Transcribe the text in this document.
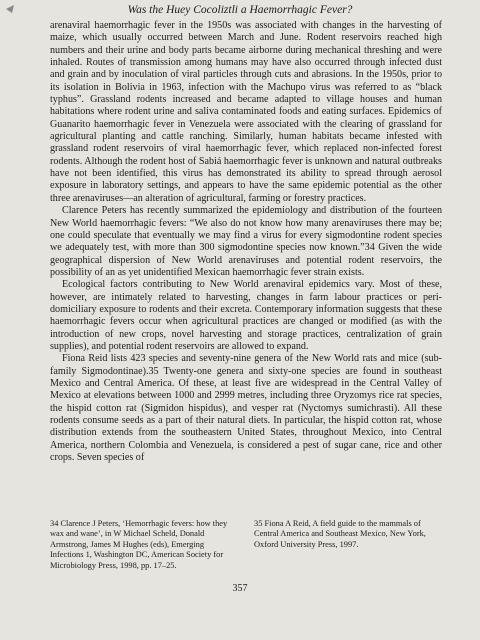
Was the Huey Cocoliztli a Haemorrhagic Fever?

arenaviral haemorrhagic fever in the 1950s was associated with changes in the harvesting of maize, which usually occurred between March and June. Rodent reservoirs reached high numbers and their urine and body parts became airborne during mechanical threshing and were inhaled. Routes of transmission among humans may have also occurred through infected dust and grain and by inoculation of viral particles through cuts and abrasions. In the 1950s, prior to its isolation in Bolivia in 1963, infection with the Machupo virus was referred to as “black typhus”. Grassland rodents increased and became adapted to village houses and human habitations where rodent urine and saliva contaminated foods and eating surfaces. Epidemics of Guanarito haemorrhagic fever in Venezuela were associated with the clearing of grassland for agricultural planting and cattle ranching. Similarly, human habitats became infested with grassland rodent reservoirs of viral haemorrhagic fever, which replaced non-infected forest rodents. Although the rodent host of Sabiá haemorrhagic fever is unknown and natural outbreaks have not been identified, this virus has demonstrated its ability to spread through aerosol exposure in laboratory settings, and appears to have the same epidemic potential as the other three arenaviruses—an alteration of agricultural, farming or forestry practices.

Clarence Peters has recently summarized the epidemiology and distribution of the fourteen New World haemorrhagic fevers: “We also do not know how many arenaviruses there may be; one could speculate that eventually we may find a virus for every sigmodontine rodent species we adequately test, with more than 300 sigmodontine species now known.”34 Given the wide geographical dispersion of New World arenaviruses and potential rodent reservoirs, the possibility of an as yet unidentified Mexican haemorrhagic fever strain exists.

Ecological factors contributing to New World arenaviral epidemics vary. Most of these, however, are intimately related to harvesting, changes in farm labour practices or peri-domiciliary exposure to rodents and their excreta. Contemporary information suggests that these haemorrhagic fevers occur when agricultural practices are changed or modified (as with the introduction of new crops, novel harvesting and storage practices, centralization of grain supplies), and potential rodent reservoirs are allowed to expand.

Fiona Reid lists 423 species and seventy-nine genera of the New World rats and mice (sub-family Sigmodontinae).35 Twenty-one genera and sixty-one species are found in southeast Mexico and Central America. Of these, at least five are widespread in the Central Valley of Mexico at elevations between 1000 and 2999 metres, including three Oryzomys rice rat species, the hispid cotton rat (Sigmidon hispidus), and vesper rat (Nyctomys sumichrasti). All these rodents consume seeds as a part of their natural diets. In particular, the hispid cotton rat, whose distribution extends from the southeastern United States, throughout Mexico, into Central America, northern Colombia and Venezuela, is considered a pest of sugar cane, rice and other crops. Seven species of

34 Clarence J Peters, ‘Hemorrhagic fevers: how they wax and wane’, in W Michael Scheld, Donald Armstrong, James M Hughes (eds), Emerging Infections 1, Washington DC, American Society for Microbiology Press, 1998, pp. 17–25.
35 Fiona A Reid, A field guide to the mammals of Central America and Southeast Mexico, New York, Oxford University Press, 1997.
357
